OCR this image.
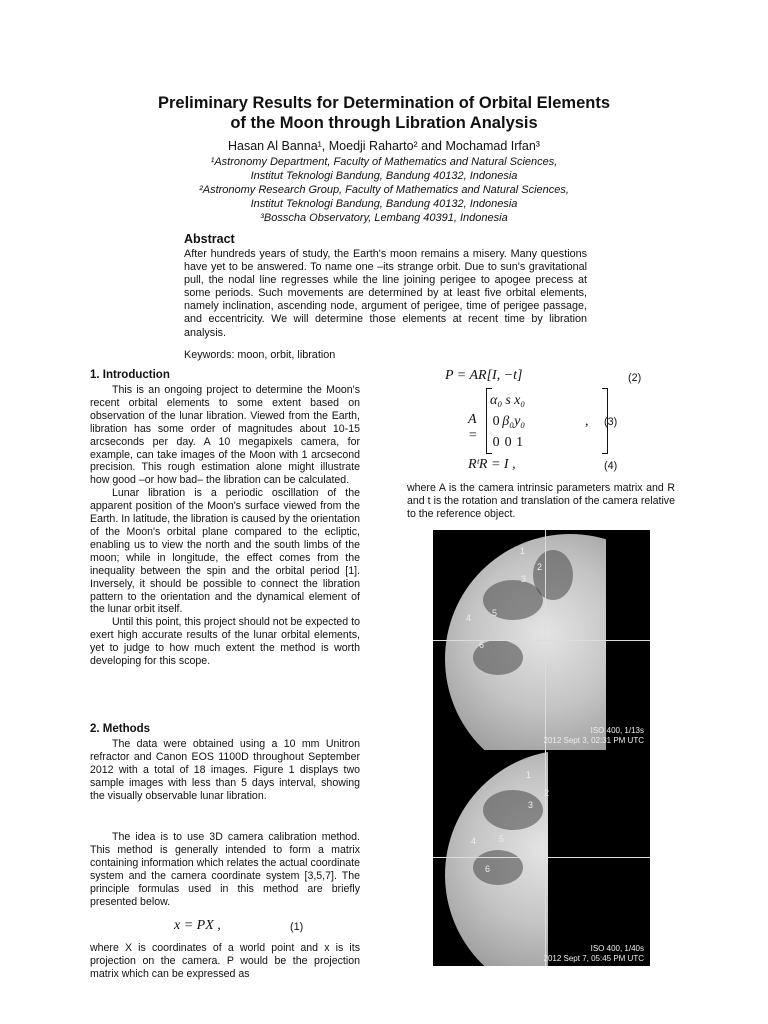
Preliminary Results for Determination of Orbital Elements
of the Moon through Libration Analysis
Hasan Al Banna¹, Moedji Raharto² and Mochamad Irfan³
¹Astronomy Department, Faculty of Mathematics and Natural Sciences,
Institut Teknologi Bandung, Bandung 40132, Indonesia
²Astronomy Research Group, Faculty of Mathematics and Natural Sciences,
Institut Teknologi Bandung, Bandung 40132, Indonesia
³Bosscha Observatory, Lembang 40391, Indonesia
Abstract
After hundreds years of study, the Earth's moon remains a misery. Many questions have yet to be answered. To name one –its strange orbit. Due to sun's gravitational pull, the nodal line regresses while the line joining perigee to apogee precess at some periods. Such movements are determined by at least five orbital elements, namely inclination, ascending node, argument of perigee, time of perigee passage, and eccentricity. We will determine those elements at recent time by libration analysis.
Keywords: moon, orbit, libration
1. Introduction

This is an ongoing project to determine the Moon's recent orbital elements to some extent based on observation of the lunar libration. Viewed from the Earth, libration has some order of magnitudes about 10-15 arcseconds per day. A 10 megapixels camera, for example, can take images of the Moon with 1 arcsecond precision. This rough estimation alone might illustrate how good –or how bad– the libration can be calculated.

Lunar libration is a periodic oscillation of the apparent position of the Moon's surface viewed from the Earth. In latitude, the libration is caused by the orientation of the Moon's orbital plane compared to the ecliptic, enabling us to view the north and the south limbs of the moon; while in longitude, the effect comes from the inequality between the spin and the orbital period [1]. Inversely, it should be possible to connect the libration pattern to the orientation and the dynamical element of the lunar orbit itself.

Until this point, this project should not be expected to exert high accurate results of the lunar orbital elements, yet to judge to how much extent the method is worth developing for this scope.

2. Methods

The data were obtained using a 10 mm Unitron refractor and Canon EOS 1100D throughout September 2012 with a total of 18 images. Figure 1 displays two sample images with less than 5 days interval, showing the visually observable lunar libration.

The idea is to use 3D camera calibration method. This method is generally intended to form a matrix containing information which relates the actual coordinate system and the camera coordinate system [3,5,7]. The principle formulas used in this method are briefly presented below.

x = PX ,	(1)
where X is coordinates of a world point and x is its projection on the camera. P would be the projection matrix which can be expressed as
P = AR[I, −t]	(2)
A =
α₀	s	x₀
0	β₀	y₀
0	0	1
, (3)
RᵗR = I ,	(4)
where A is the camera intrinsic parameters matrix and R and t is the rotation and translation of the camera relative to the reference object.
1
2
3
4 5
6
ISO 400, 1/13s
2012 Sept 3, 02:31 PM UTC
1
2
3
4	5
6
ISO 400, 1/40s
2012 Sept 7, 05:45 PM UTC
